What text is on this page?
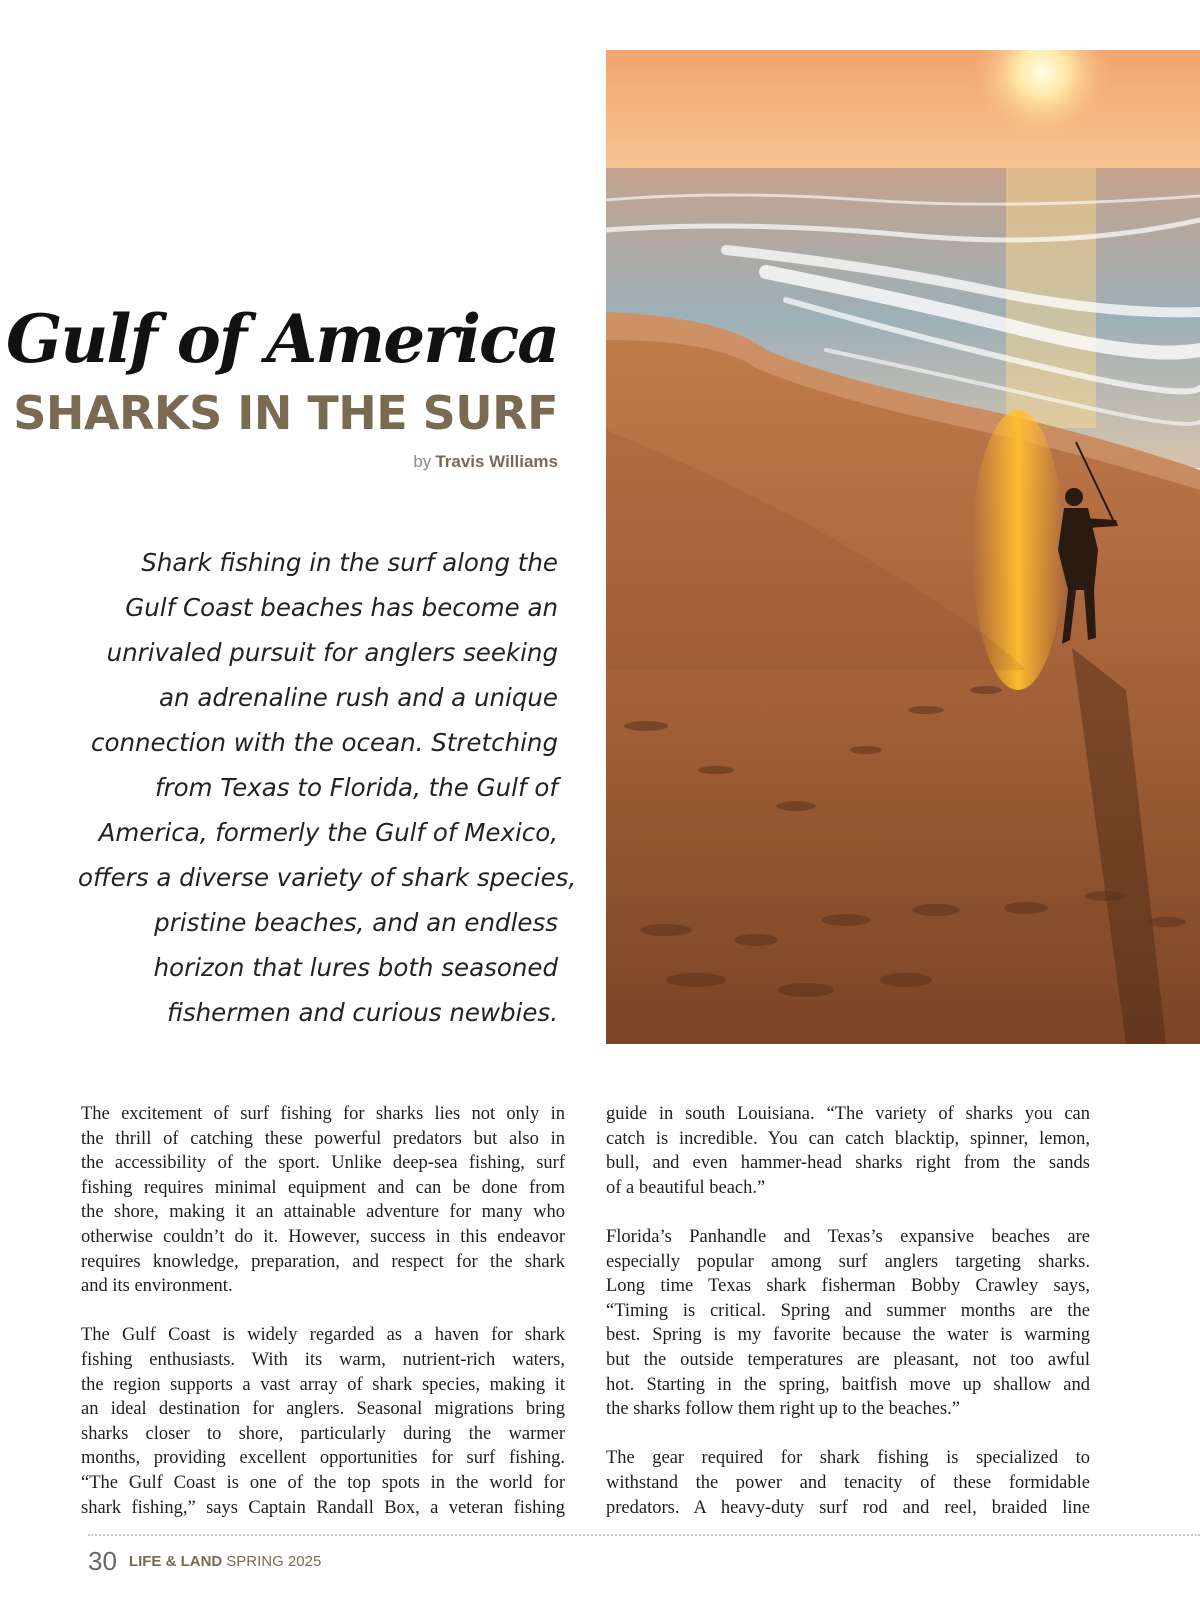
Gulf of America
SHARKS IN THE SURF
by Travis Williams
Shark fishing in the surf along the
Gulf Coast beaches has become an
unrivaled pursuit for anglers seeking
an adrenaline rush and a unique
connection with the ocean. Stretching
from Texas to Florida, the Gulf of
America, formerly the Gulf of Mexico,
offers a diverse variety of shark species,
pristine beaches, and an endless
horizon that lures both seasoned
fishermen and curious newbies.
The excitement of surf fishing for sharks lies not only in
the thrill of catching these powerful predators but also in
the accessibility of the sport. Unlike deep-sea fishing, surf
fishing requires minimal equipment and can be done from
the shore, making it an attainable adventure for many who
otherwise couldn’t do it. However, success in this endeavor
requires knowledge, preparation, and respect for the shark
and its environment.
The Gulf Coast is widely regarded as a haven for shark
fishing enthusiasts. With its warm, nutrient-rich waters,
the region supports a vast array of shark species, making it
an ideal destination for anglers. Seasonal migrations bring
sharks closer to shore, particularly during the warmer
months, providing excellent opportunities for surf fishing.
“The Gulf Coast is one of the top spots in the world for
shark fishing,” says Captain Randall Box, a veteran fishing
guide in south Louisiana. “The variety of sharks you can
catch is incredible. You can catch blacktip, spinner, lemon,
bull, and even hammer-head sharks right from the sands
of a beautiful beach.”
Florida’s Panhandle and Texas’s expansive beaches are
especially popular among surf anglers targeting sharks.
Long time Texas shark fisherman Bobby Crawley says,
“Timing is critical. Spring and summer months are the
best. Spring is my favorite because the water is warming
but the outside temperatures are pleasant, not too awful
hot. Starting in the spring, baitfish move up shallow and
the sharks follow them right up to the beaches.”
The gear required for shark fishing is specialized to
withstand the power and tenacity of these formidable
predators. A heavy-duty surf rod and reel, braided line
30 LIFE & LAND SPRING 2025
